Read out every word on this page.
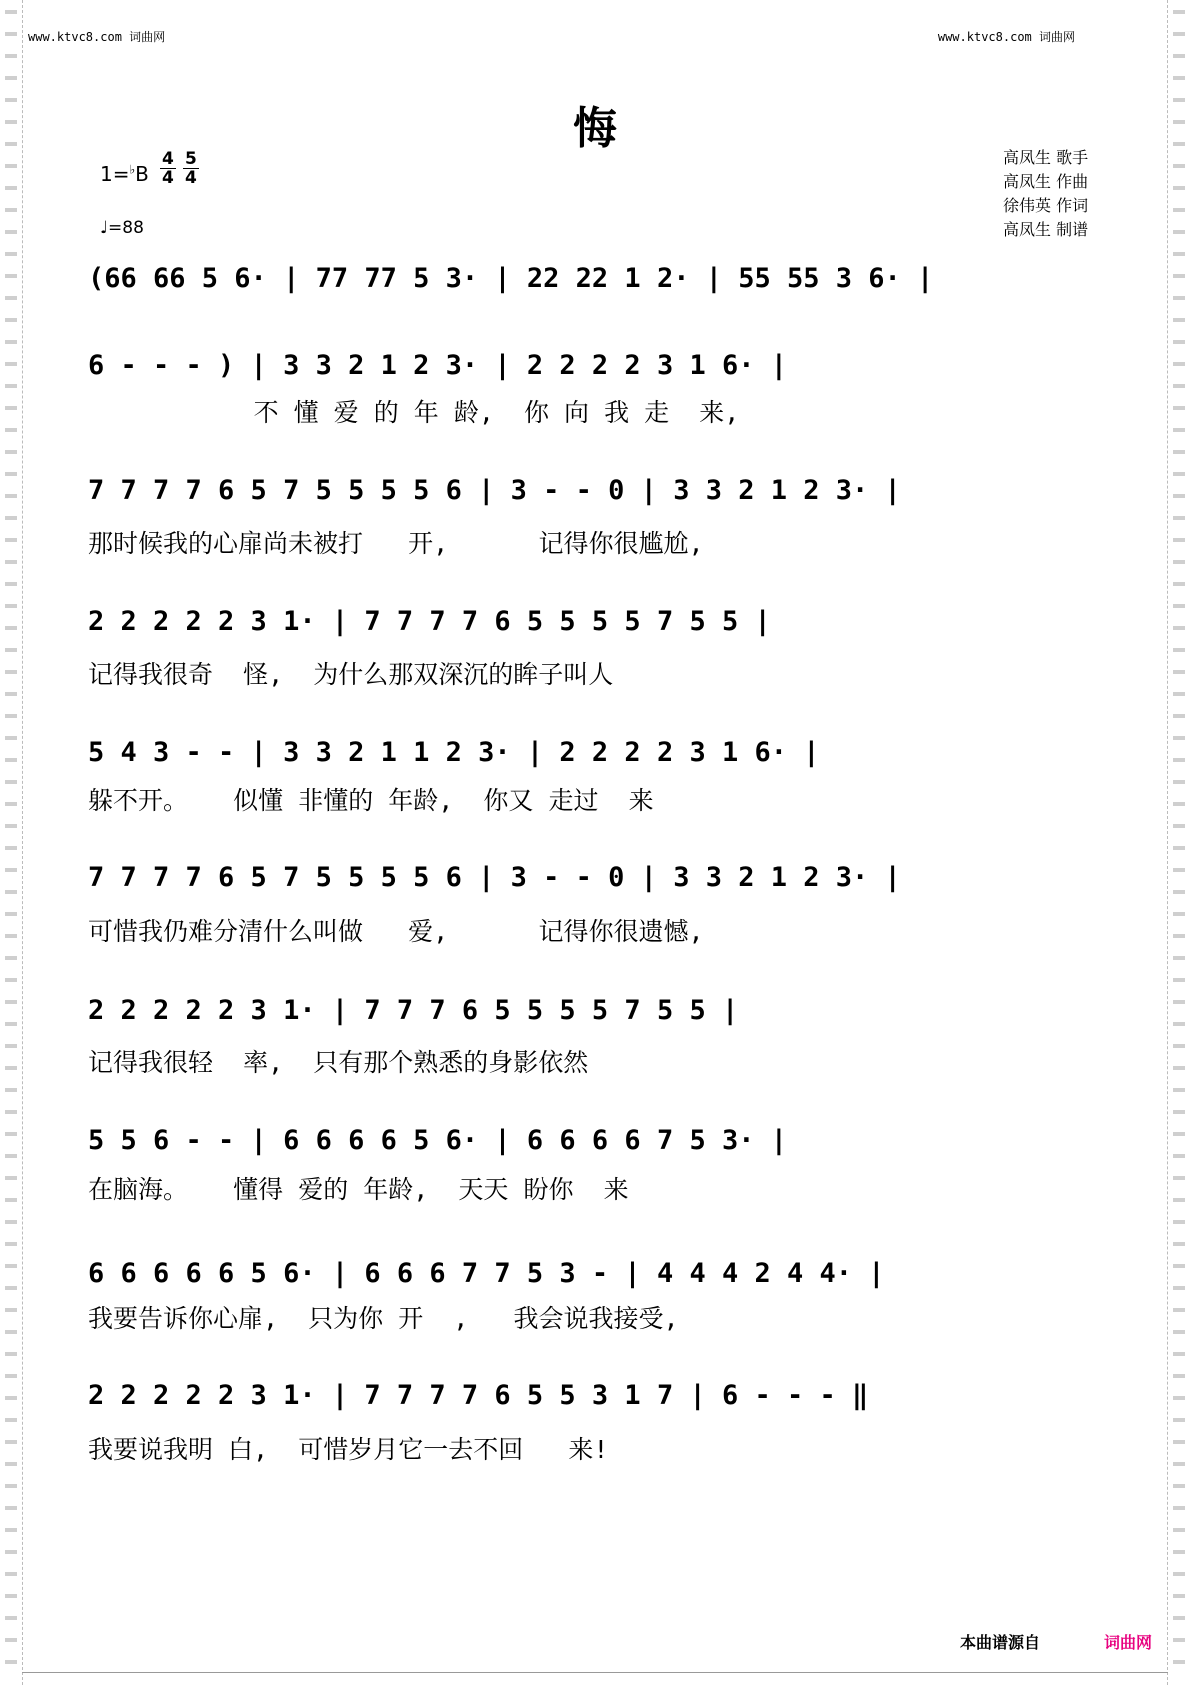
www.ktvc8.com 词曲网	www.ktvc8.com 词曲网
悔
$1=^♭B \frac{4}{4} \frac{5}{4}$
♩=88
高凤生 歌手
高凤生 作曲
徐伟英 作词
高凤生 制谱
(66 66 5 6· | 77 77 5 3· | 22 22 1 2· | 55 55 3 6· |
6 - - - ) | 3 3 2 1 2 3· | 2 2 2 2 3 1 6· |
不 懂 爱 的 年 龄,  你 向 我 走  来,
7 7 7 7 6 5 7 5 5 5 5 6 | 3 - - 0 | 3 3 2 1 2 3· |
那时候我的心扉尚未被打   开,      记得你很尴尬,
2 2 2 2 2 3 1· | 7 7 7 7 6 5 5 5 5 7 5 5 |
记得我很奇  怪,  为什么那双深沉的眸子叫人
5 4 3 - - | 3 3 2 1 1 2 3· | 2 2 2 2 3 1 6· |
躲不开。   似懂 非懂的 年龄,  你又 走过  来
7 7 7 7 6 5 7 5 5 5 5 6 | 3 - - 0 | 3 3 2 1 2 3· |
可惜我仍难分清什么叫做   爱,      记得你很遗憾,
2 2 2 2 2 3 1· | 7 7 7 6 5 5 5 5 7 5 5 |
记得我很轻  率,  只有那个熟悉的身影依然
5 5 6 - - | 6 6 6 6 5 6· | 6 6 6 6 7 5 3· |
在脑海。   懂得 爱的 年龄,  天天 盼你  来
6 6 6 6 6 5 6· | 6 6 6 7 7 5 3 - | 4 4 4 2 4 4· |
我要告诉你心扉,  只为你 开  ,   我会说我接受,
2 2 2 2 2 3 1· | 7 7 7 7 6 5 5 3 1 7 | 6 - - - ‖
我要说我明 白,  可惜岁月它一去不回   来!
本曲谱源自	词曲网
